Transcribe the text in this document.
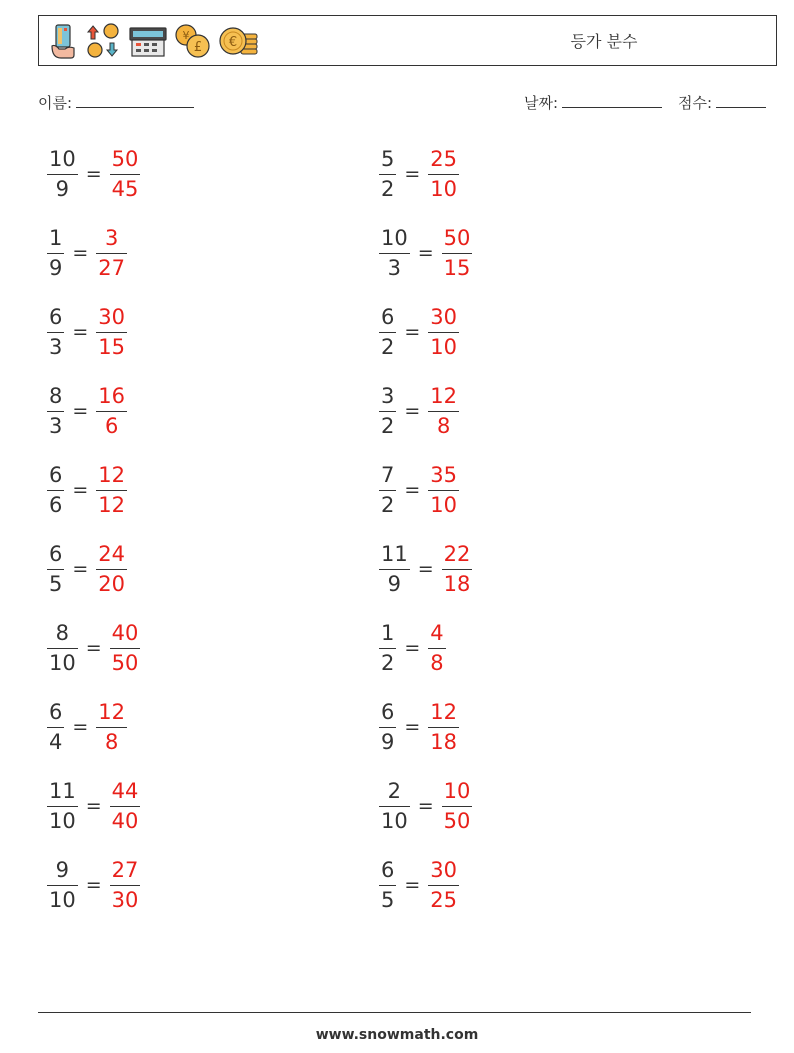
¥
£ €	등가 분수
이름:	날짜:	점수:
$\frac{10}{9} = \frac{50}{45}$	$\frac{5}{2} = \frac{25}{10}$
$\frac{1}{9} = \frac{3}{27}$	$\frac{10}{3} = \frac{50}{15}$
$\frac{6}{3} = \frac{30}{15}$	$\frac{6}{2} = \frac{30}{10}$
$\frac{8}{3} = \frac{16}{6}$	$\frac{3}{2} = \frac{12}{8}$
$\frac{6}{6} = \frac{12}{12}$	$\frac{7}{2} = \frac{35}{10}$
$\frac{6}{5} = \frac{24}{20}$	$\frac{11}{9} = \frac{22}{18}$
$\frac{8}{10} = \frac{40}{50}$	$\frac{1}{2} = \frac{4}{8}$
$\frac{6}{4} = \frac{12}{8}$	$\frac{6}{9} = \frac{12}{18}$
$\frac{11}{10} = \frac{44}{40}$	$\frac{2}{10} = \frac{10}{50}$
$\frac{9}{10} = \frac{27}{30}$	$\frac{6}{5} = \frac{30}{25}$
www.snowmath.com
